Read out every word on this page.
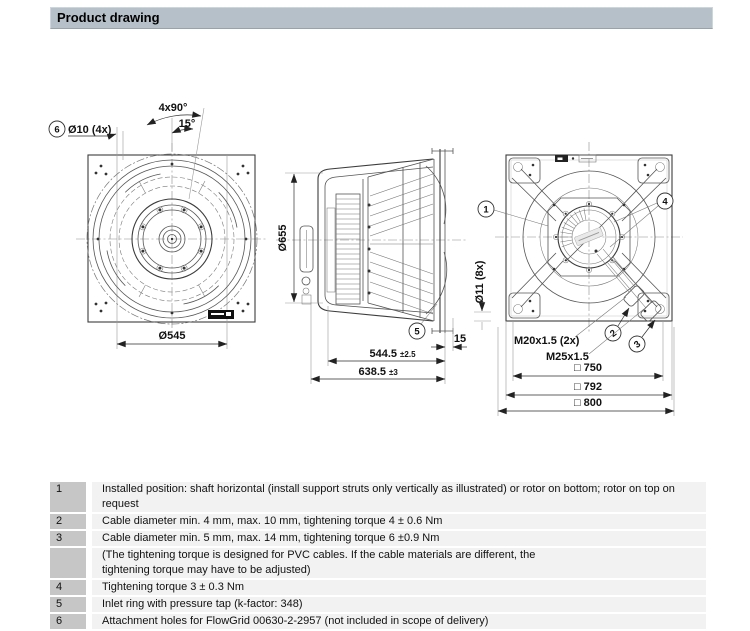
Product drawing
4x90°
15°
6 Ø10 (4x)
Ø545
Ø655
5
15
544.5 ±2.5
638.5 ±3
1
4
2
3
Ø11 (8x)
M20x1.5 (2x)
M25x1.5
□ 750
□ 792
□ 800
1	Installed position: shaft horizontal (install support struts only vertically as illustrated) or rotor on bottom; rotor on top on request
2	Cable diameter min. 4 mm, max. 10 mm, tightening torque 4 ± 0.6 Nm
3	Cable diameter min. 5 mm, max. 14 mm, tightening torque 6 ±0.9 Nm
(The tightening torque is designed for PVC cables. If the cable materials are different, the tightening torque may have to be adjusted)
4	Tightening torque 3 ± 0.3 Nm
5	Inlet ring with pressure tap (k-factor: 348)
6	Attachment holes for FlowGrid 00630-2-2957 (not included in scope of delivery)
